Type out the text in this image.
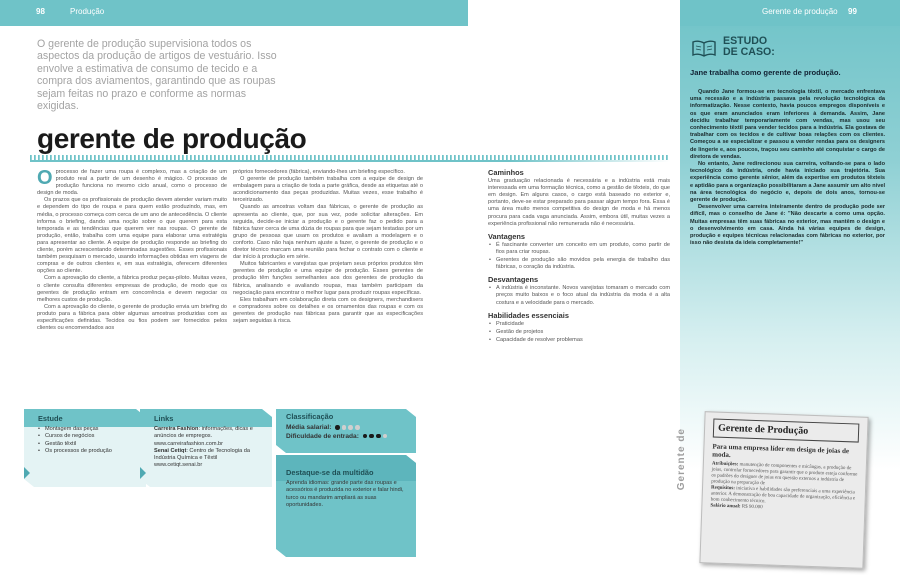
98	Produção	Gerente de produção 99
O gerente de produção supervisiona todos os aspectos da produção de artigos de vestuário. Isso envolve a estimativa de consumo de tecido e a compra dos aviamentos, garantindo que as roupas sejam feitas no prazo e conforme as normas exigidas.
gerente de produção

Oprocesso de fazer uma roupa é complexo, mas a criação de um produto real a partir de um desenho é mágico. O processo de produção funciona no mesmo ciclo anual, como o processo de design de moda.

Os prazos que os profissionais de produção devem atender variam muito e dependem do tipo de roupa e para quem estão produzindo, mas, em média, o processo começa com cerca de um ano de antecedência. O cliente informa o briefing, dando uma noção sobre o que querem para esta temporada e as tendências que querem ver nas roupas. O gerente de produção, então, trabalha com uma equipe para elaborar uma estratégia para apresentar ao cliente. A equipe de produção responde ao briefing do cliente, porém acrescentando determinadas sugestões. Esses profissionais também pesquisam o mercado, usando informações obtidas em viagens de compras e de outros clientes e, em sua estratégia, oferecem diferentes opções ao cliente.

Com a aprovação do cliente, a fábrica produz peças-piloto. Muitas vezes, o cliente consulta diferentes empresas de produção, de modo que os gerentes de produção entram em concorrência e devem negociar os melhores custos de produção.

Com a aprovação do cliente, o gerente de produção envia um briefing do produto para a fábrica para obter algumas amostras produzidas com as especificações definidas. Tecidos ou fios podem ser fornecidos pelos clientes ou encomendados aos

próprios fornecedores (fábrica), enviando-lhes um briefing específico.

O gerente de produção também trabalha com a equipe de design de embalagem para a criação de toda a parte gráfica, desde as etiquetas até o acondicionamento das peças produzidas. Muitas vezes, esse trabalho é terceirizado.

Quando as amostras voltam das fábricas, o gerente de produção as apresenta ao cliente, que, por sua vez, pode solicitar alterações. Em seguida, decide-se iniciar a produção e o gerente faz o pedido para a fábrica fazer cerca de uma dúzia de roupas para que sejam testadas por um grupo de pessoas que usam os produtos e avaliam a modelagem e o conforto. Caso não haja nenhum ajuste a fazer, o gerente de produção e o diretor técnico marcam uma reunião para fechar o contrato com o cliente e dar início à produção em série.

Muitos fabricantes e varejistas que projetam seus próprios produtos têm gerentes de produção e uma equipe de produção. Esses gerentes de produção têm funções semelhantes aos dos gerentes de produção da fábrica, analisando e avaliando roupas, mas também participam da negociação para encontrar o melhor lugar para produzir roupas específicas.

Eles trabalham em colaboração direta com os designers, merchandisers e compradores sobre os detalhes e os ornamentos das roupas e com os gerentes de produção nas fábricas para garantir que as especificações sejam seguidas à risca.

Caminhos
Uma graduação relacionada é necessária e a indústria está mais interessada em uma formação técnica, como a gestão de têxteis, do que em design. Em alguns casos, o cargo está baseado no exterior e, portanto, deve-se estar preparado para passar algum tempo fora. Essa é uma área muito menos competitiva do design de moda e há menos procura para cada vaga anunciada. Assim, embora útil, muitas vezes a experiência profissional não remunerada não é necessária.
Vantagens
• É fascinante converter um conceito em um produto, como partir de fios para criar roupas.
• Gerentes de produção são movidos pela energia de trabalho das fábricas, o coração da indústria.
Desvantagens
• A indústria é inconstante. Novos varejistas tomaram o mercado com preços muito baixos e o foco atual da indústria da moda é a alta costura e a velocidade para o mercado.
Habilidades essenciais
• Praticidade
• Gestão de projetos
• Capacidade de resolver problemas
Estude
• Montagem das peças
• Cursos de negócios
• Gestão têxtil
• Os processos de produção
Links
Carreira Fashion: informações, dicas e anúncios de empregos.
www.carreirafashion.com.br
Senai Cetiqt: Centro de Tecnologia da Indústria Química e Têxtil
www.cetiqt.senai.br
Classificação
Média salarial:
Dificuldade de entrada:
Destaque-se da multidão
Aprenda idiomas: grande parte das roupas e acessórios é produzida no exterior e falar hindi, turco ou mandarim ampliará as suas oportunidades.
ESTUDO
DE CASO:
Jane trabalha como gerente de produção.

Quando Jane formou-se em tecnologia têxtil, o mercado enfrentava uma recessão e a indústria passava pela revolução tecnológica da informatização. Nesse contexto, havia poucos empregos disponíveis e os que eram anunciados eram inferiores à demanda. Assim, Jane decidiu trabalhar temporariamente com vendas, mas usou seu conhecimento têxtil para vender tecidos para a indústria. Ela gostava de trabalhar com os tecidos e de cultivar boas relações com os clientes. Começou a se especializar e passou a vender rendas para os designers de lingerie e, aos poucos, traçou seu caminho até conquistar o cargo de diretora de vendas.

No entanto, Jane redirecionou sua carreira, voltando-se para o lado tecnológico da indústria, onde havia iniciado sua trajetória. Sua experiência como gerente sênior, além da expertise em produtos têxteis e aptidão para a organização possibilitaram a Jane assumir um alto nível na área tecnológica do negócio e, depois de dois anos, tornou-se gerente de produção.

Desenvolver uma carreira inteiramente dentro de produção pode ser difícil, mas o conselho de Jane é: "Não descarte a como uma opção. Muitas empresas têm suas fábricas no exterior, mas mantêm o design e o desenvolvimento em casa. Ainda há várias equipes de design, produção e equipes técnicas relacionadas com fábricas no exterior, por isso não desista da ideia completamente!"

Gerente de	Gerente de Produção
Para uma empresa líder em design de joias de moda.
Atribuições: manutenção de componentes e micângas, a produção de joias, controlar fornecedores para garantir que o produto esteja conforme os padrões do designer de joias em questão externos a indústria de produção na preparação de
Requisitos: iniciativa e habilidades são preferenciais a uma experiência anterior. A demonstração de boa capacidade de organização, eficiência e bom conhecimento técnico.
Salário anual: R$ 90.000
